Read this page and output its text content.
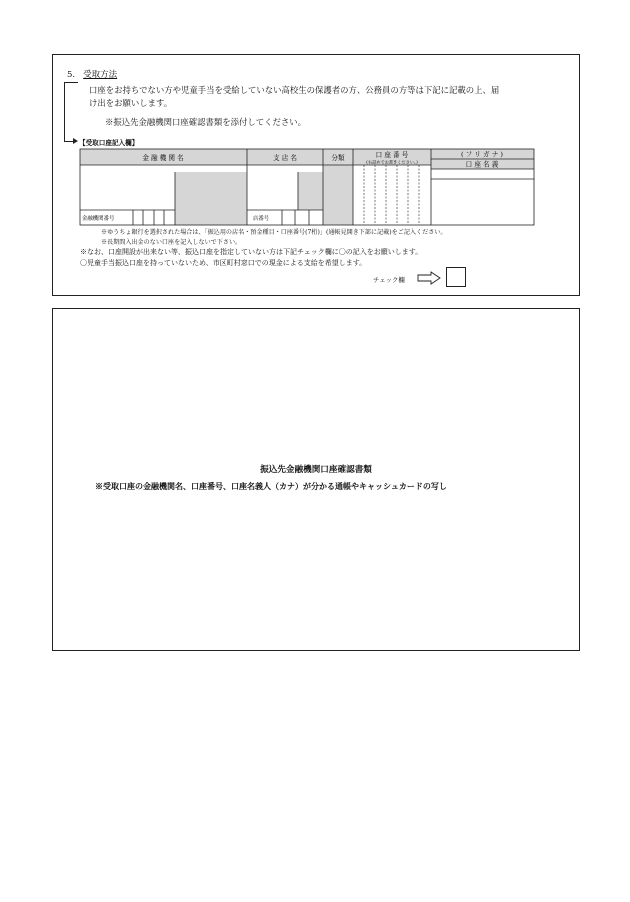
5. 受取方法
口座をお持ちでない方や児童手当を受給していない高校生の保護者の方、公務員の方等は下記に記載の上、届
け出をお願いします。
※振込先金融機関口座確認書類を添付してください。
【受取口座記入欄】
金 融 機 関 名	支 店 名	分類	口 座 番 号
(右詰めでお書きください。)
( フ リ ガ ナ )
口 座 名 義
金融機関番号	店番号
※ゆうちょ銀行を選択された場合は、「振込用の店名・預金種目・口座番号(7桁)」(通帳見開き下部に記載)をご記入ください。
※長期間入出金のない口座を記入しないで下さい。
※なお、口座開設が出来ない等、振込口座を指定していない方は下記チェック欄に〇の記入をお願いします。
〇児童手当振込口座を持っていないため、市区町村窓口での現金による支給を希望します。
チェック欄
振込先金融機関口座確認書類
※受取口座の金融機関名、口座番号、口座名義人（カナ）が分かる通帳やキャッシュカードの写し
